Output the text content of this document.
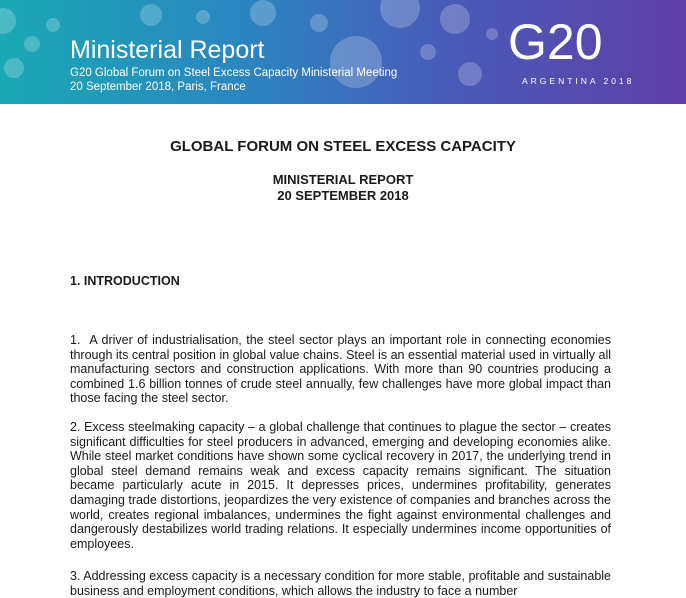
Ministerial Report
G20 Global Forum on Steel Excess Capacity Ministerial Meeting
20 September 2018, Paris, France
G20
ARGENTINA 2018
GLOBAL FORUM ON STEEL EXCESS CAPACITY
MINISTERIAL REPORT
20 SEPTEMBER 2018
1. INTRODUCTION

1.  A driver of industrialisation, the steel sector plays an important role in connecting economies through its central position in global value chains. Steel is an essential material used in virtually all manufacturing sectors and construction applications. With more than 90 countries producing a combined 1.6 billion tonnes of crude steel annually, few challenges have more global impact than those facing the steel sector.

2. Excess steelmaking capacity – a global challenge that continues to plague the sector – creates significant difficulties for steel producers in advanced, emerging and developing economies alike. While steel market conditions have shown some cyclical recovery in 2017, the underlying trend in global steel demand remains weak and excess capacity remains significant. The situation became particularly acute in 2015. It depresses prices, undermines profitability, generates damaging trade distortions, jeopardizes the very existence of companies and branches across the world, creates regional imbalances, undermines the fight against environmental challenges and dangerously destabilizes world trading relations. It especially undermines income opportunities of employees.

3. Addressing excess capacity is a necessary condition for more stable, profitable and sustainable business and employment conditions, which allows the industry to face a number
